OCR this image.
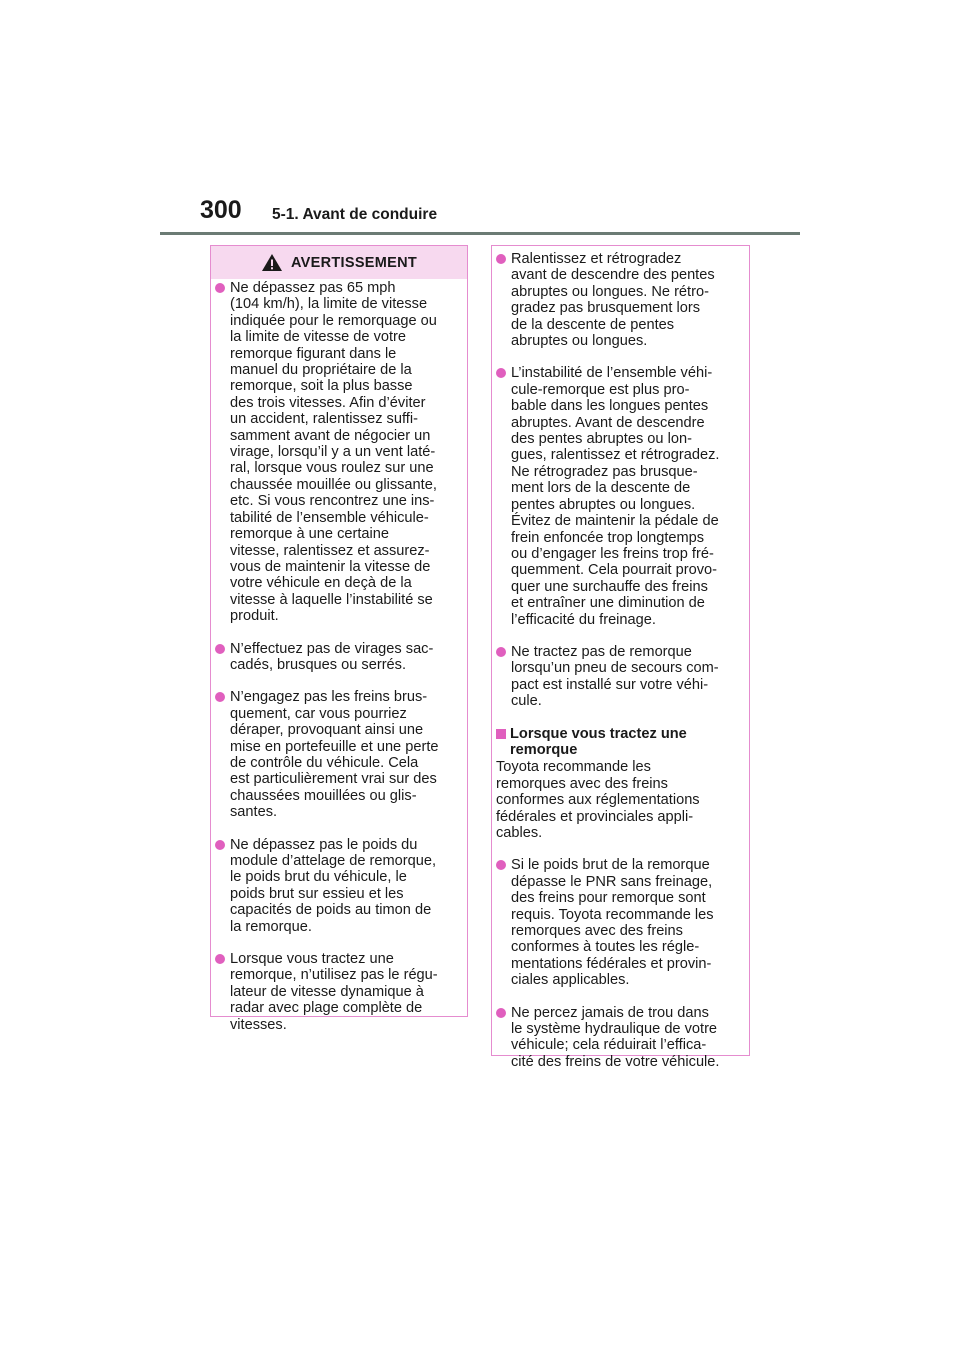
300 5-1. Avant de conduire
AVERTISSEMENT
Ne dépassez pas 65 mph
(104 km/h), la limite de vitesse
indiquée pour le remorquage ou
la limite de vitesse de votre
remorque figurant dans le
manuel du propriétaire de la
remorque, soit la plus basse
des trois vitesses. Afin d’éviter
un accident, ralentissez suffi-
samment avant de négocier un
virage, lorsqu’il y a un vent laté-
ral, lorsque vous roulez sur une
chaussée mouillée ou glissante,
etc. Si vous rencontrez une ins-
tabilité de l’ensemble véhicule-
remorque à une certaine
vitesse, ralentissez et assurez-
vous de maintenir la vitesse de
votre véhicule en deçà de la
vitesse à laquelle l’instabilité se
produit.
N’effectuez pas de virages sac-
cadés, brusques ou serrés.
N’engagez pas les freins brus-
quement, car vous pourriez
déraper, provoquant ainsi une
mise en portefeuille et une perte
de contrôle du véhicule. Cela
est particulièrement vrai sur des
chaussées mouillées ou glis-
santes.
Ne dépassez pas le poids du
module d’attelage de remorque,
le poids brut du véhicule, le
poids brut sur essieu et les
capacités de poids au timon de
la remorque.
Lorsque vous tractez une
remorque, n’utilisez pas le régu-
lateur de vitesse dynamique à
radar avec plage complète de
vitesses.
Ralentissez et rétrogradez
avant de descendre des pentes
abruptes ou longues. Ne rétro-
gradez pas brusquement lors
de la descente de pentes
abruptes ou longues.
L’instabilité de l’ensemble véhi-
cule-remorque est plus pro-
bable dans les longues pentes
abruptes. Avant de descendre
des pentes abruptes ou lon-
gues, ralentissez et rétrogradez.
Ne rétrogradez pas brusque-
ment lors de la descente de
pentes abruptes ou longues.
Évitez de maintenir la pédale de
frein enfoncée trop longtemps
ou d’engager les freins trop fré-
quemment. Cela pourrait provo-
quer une surchauffe des freins
et entraîner une diminution de
l’efficacité du freinage.
Ne tractez pas de remorque
lorsqu’un pneu de secours com-
pact est installé sur votre véhi-
cule.
Lorsque vous tractez une
remorque
Toyota recommande les
remorques avec des freins
conformes aux réglementations
fédérales et provinciales appli-
cables.
Si le poids brut de la remorque
dépasse le PNR sans freinage,
des freins pour remorque sont
requis. Toyota recommande les
remorques avec des freins
conformes à toutes les régle-
mentations fédérales et provin-
ciales applicables.
Ne percez jamais de trou dans
le système hydraulique de votre
véhicule; cela réduirait l’effica-
cité des freins de votre véhicule.
